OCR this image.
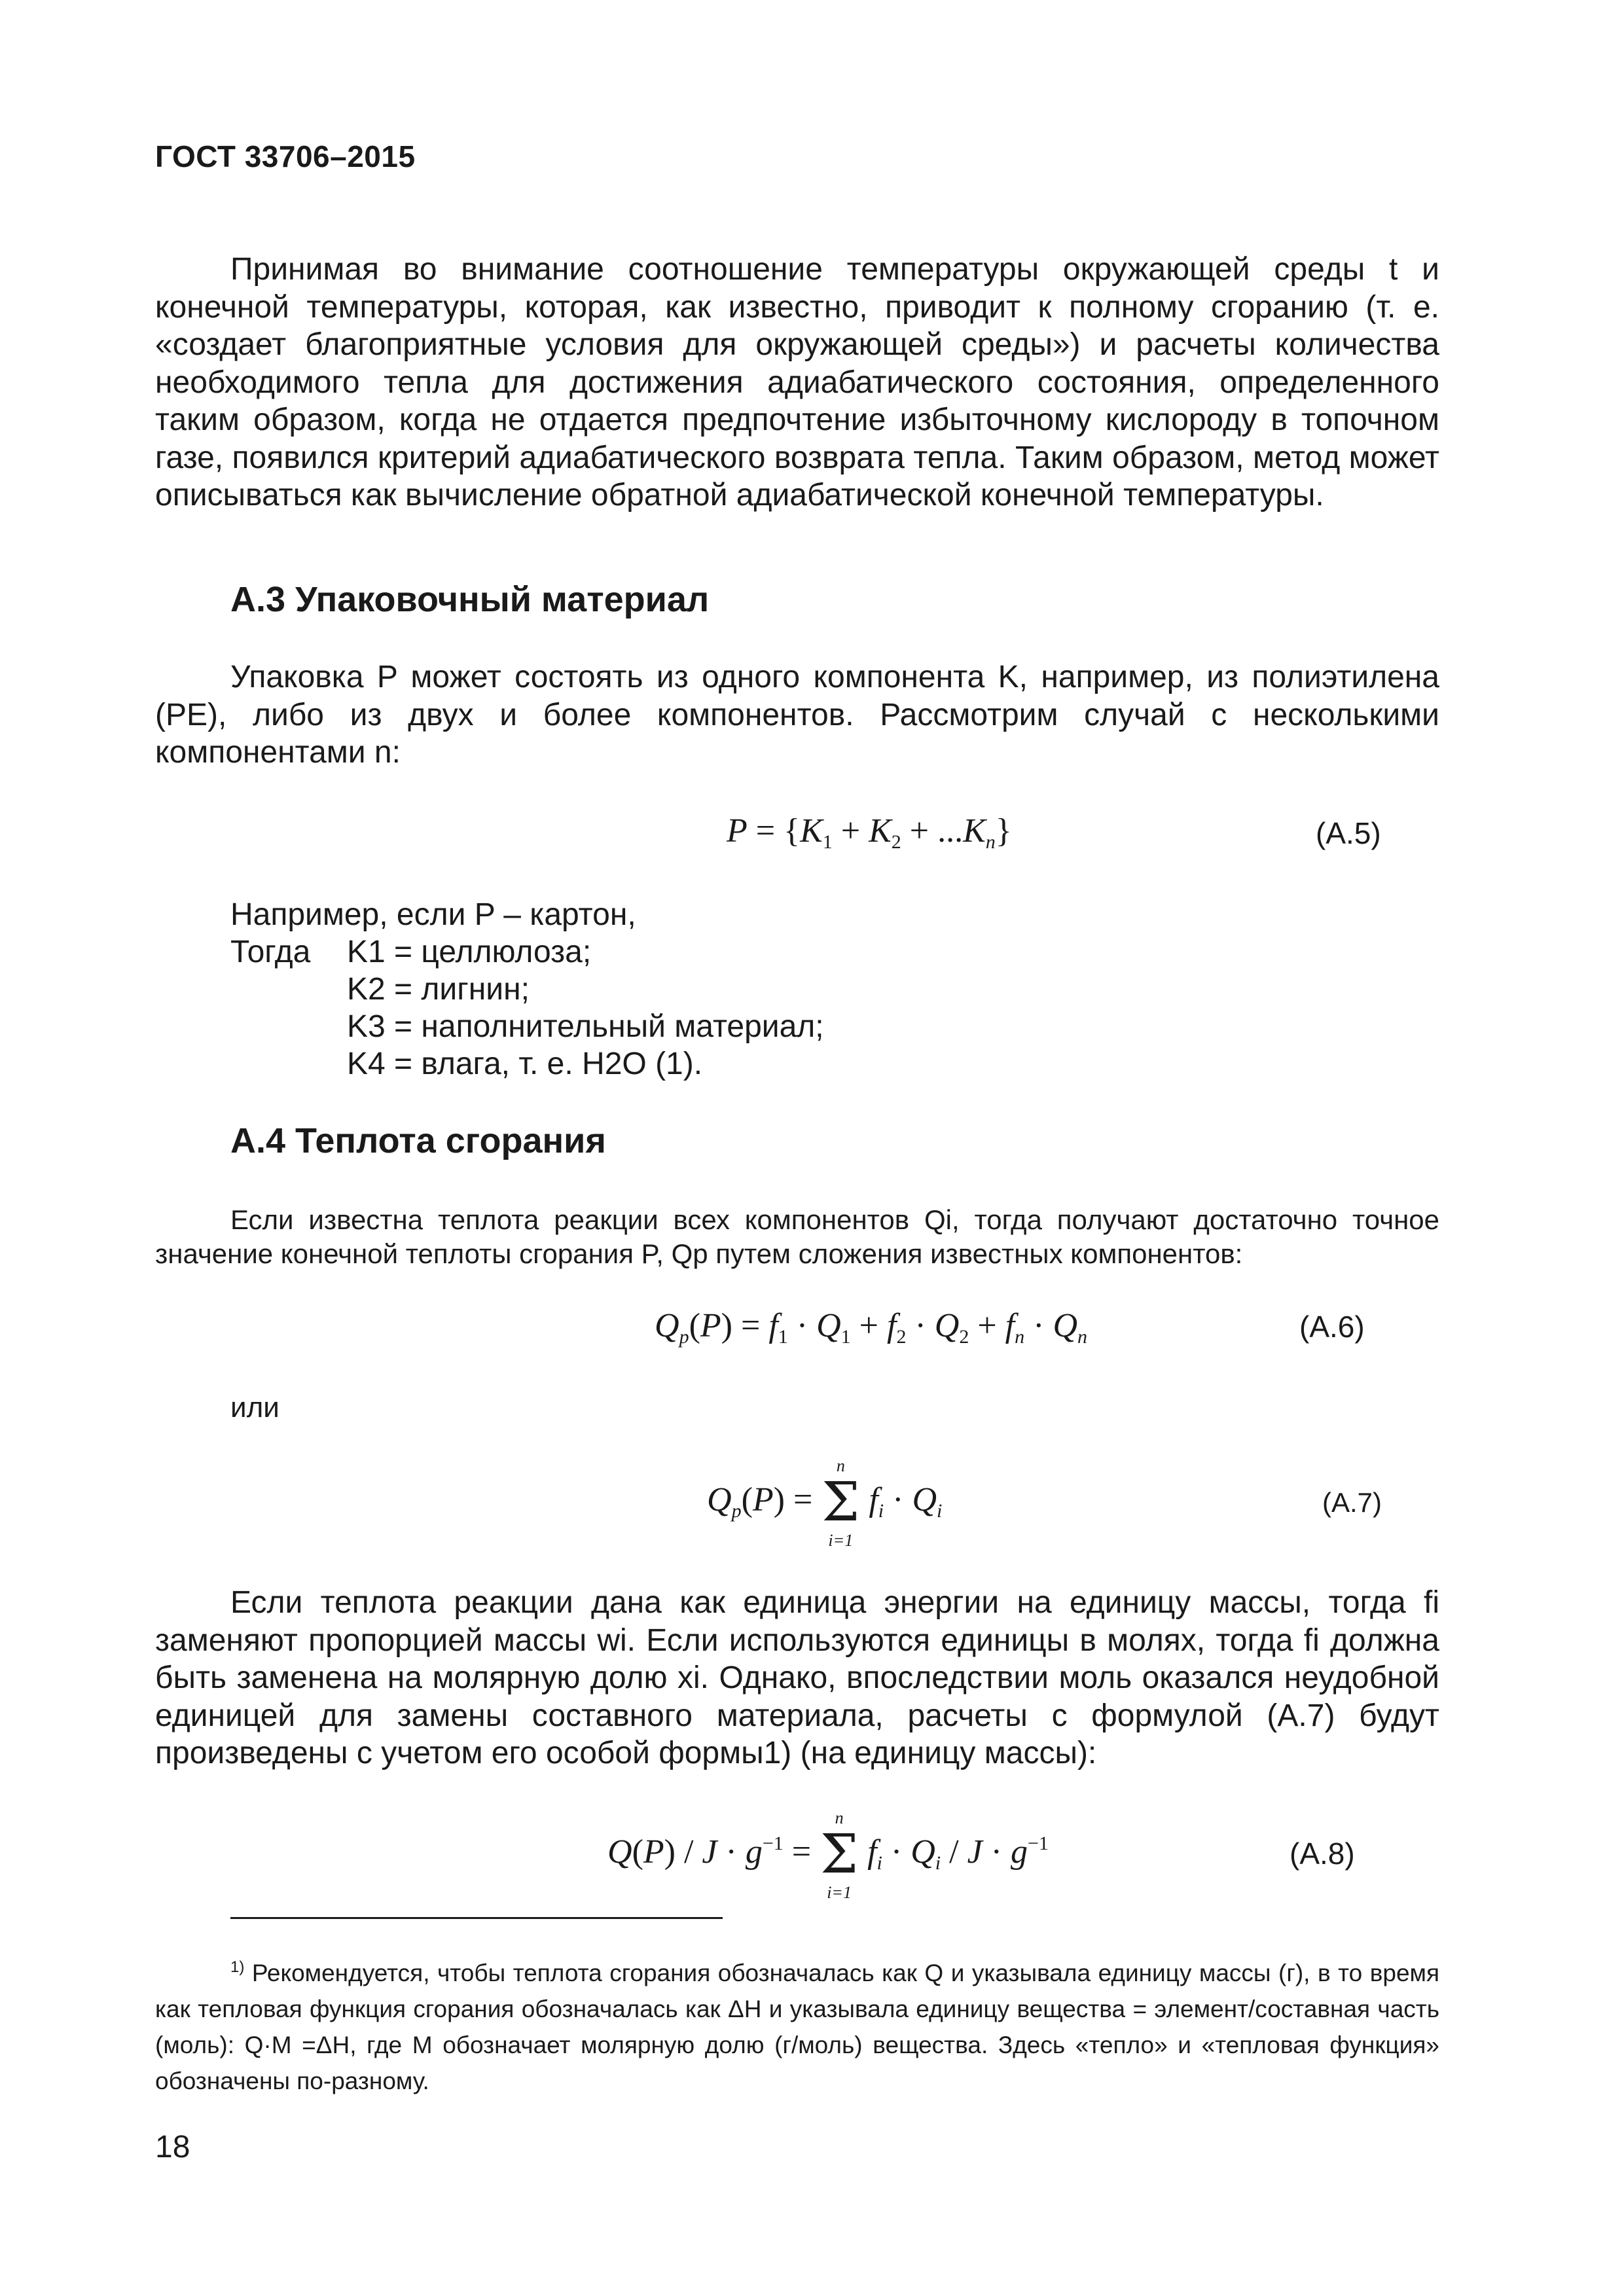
ГОСТ 33706–2015
Принимая во внимание соотношение температуры окружающей среды t и конечной температуры, которая, как известно, приводит к полному сгоранию (т. е. «создает благоприятные условия для окружающей среды») и расчеты количества необходимого тепла для достижения адиабатического состояния, определенного таким образом, когда не отдается предпочтение избыточному кислороду в топочном газе, появился критерий адиабатического возврата тепла. Таким образом, метод может описываться как вычисление обратной адиабатической конечной температуры.
А.3 Упаковочный материал
Упаковка P может состоять из одного компонента K, например, из полиэтилена (PE), либо из двух и более компонентов. Рассмотрим случай с несколькими компонентами n:
$P = \{K_1 + K_2 + ...K_n\}$	(А.5)
Например, если P – картон,
Тогда K1 = целлюлоза;
K2 = лигнин;
K3 = наполнительный материал;
K4 = влага, т. е. H2O (1).
А.4 Теплота сгорания
Если известна теплота реакции всех компонентов Qi, тогда получают достаточно точное значение конечной теплоты сгорания P, Qp путем сложения известных компонентов:
$Q_p(P) = f_1 \cdot Q_1 + f_2 \cdot Q_2 + f_n \cdot Q_n$	(А.6)
или
$Q_p(P)$ =
n
Σ
i=1
$f_i \cdot Q_i$	(А.7)
Если теплота реакции дана как единица энергии на единицу массы, тогда fi заменяют пропорцией массы wi. Если используются единицы в молях, тогда fi должна быть заменена на молярную долю xi. Однако, впоследствии моль оказался неудобной единицей для замены составного материала, расчеты с формулой (А.7) будут произведены с учетом его особой формы1) (на единицу массы):
$Q(P) / J \cdot g^{-1}$ =
n
Σ
i=1
$f_i \cdot Q_i / J \cdot g^{-1}$	(А.8)
$^{1)}$ Рекомендуется, чтобы теплота сгорания обозначалась как Q и указывала единицу массы (г), в то время как тепловая функция сгорания обозначалась как ΔH и указывала единицу вещества = элемент/составная часть (моль): Q·M =ΔH, где M обозначает молярную долю (г/моль) вещества. Здесь «тепло» и «тепловая функция» обозначены по-разному.
18
